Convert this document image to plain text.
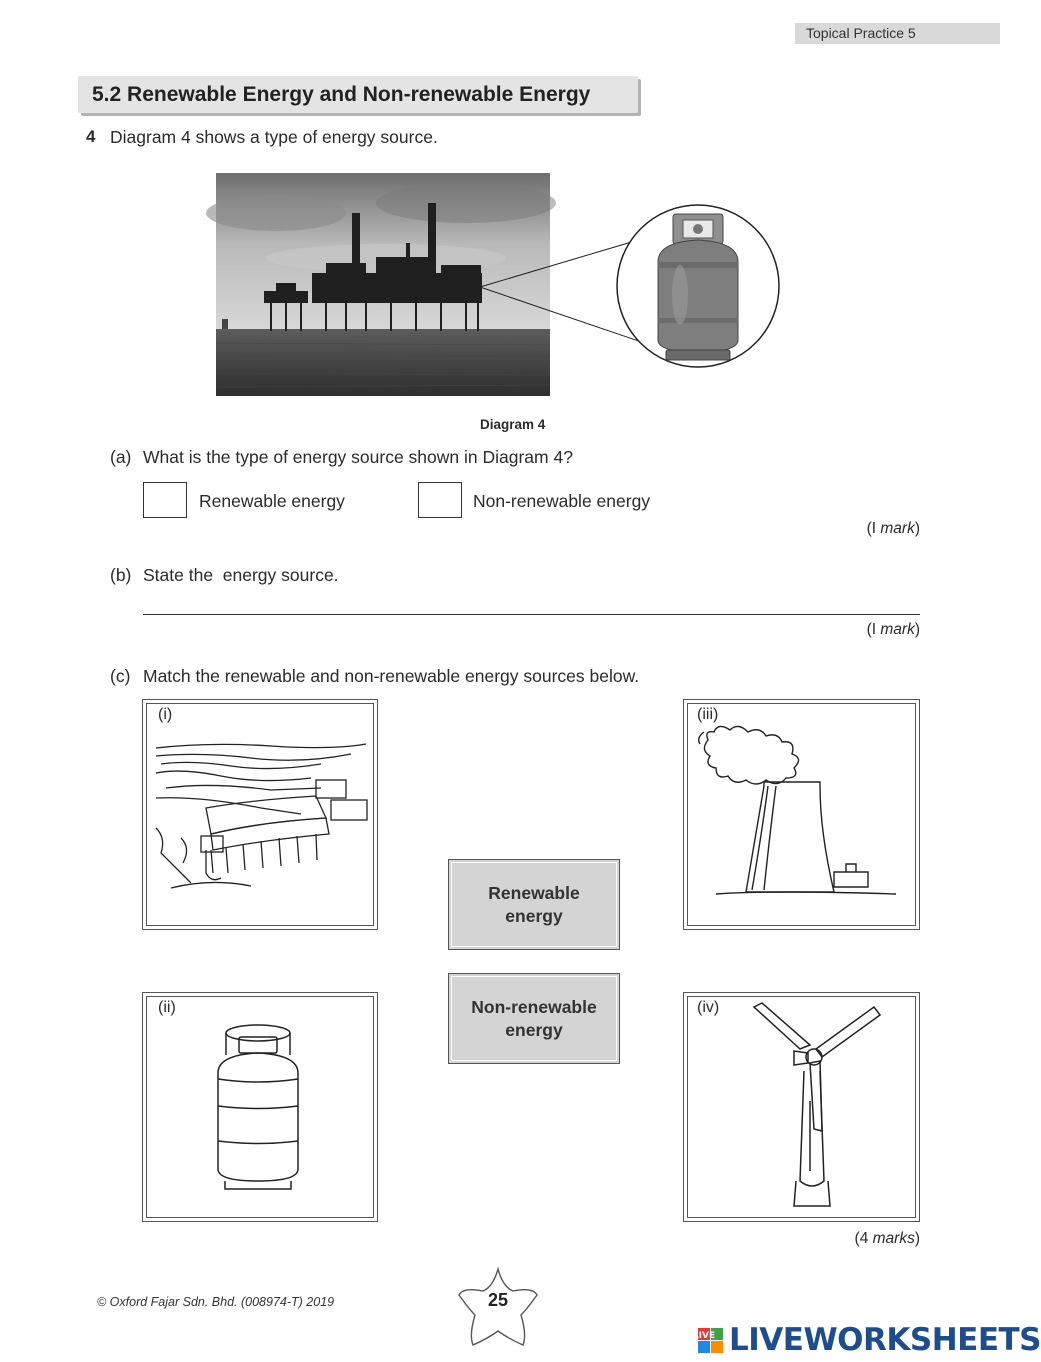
Topical Practice 5
5.2 Renewable Energy and Non-renewable Energy
4 Diagram 4 shows a type of energy source.
Diagram 4
(a) What is the type of energy source shown in Diagram 4?
Renewable energy	Non-renewable energy
(I mark)
(b) State the  energy source.
(I mark)
(c) Match the renewable and non-renewable energy sources below.
(i)
(ii)
(iii)
(iv)
Renewable energy
Non-renewable energy
(4 marks)
© Oxford Fajar Sdn. Bhd. (008974-T) 2019	25
LIVE LIVEWORKSHEETS
